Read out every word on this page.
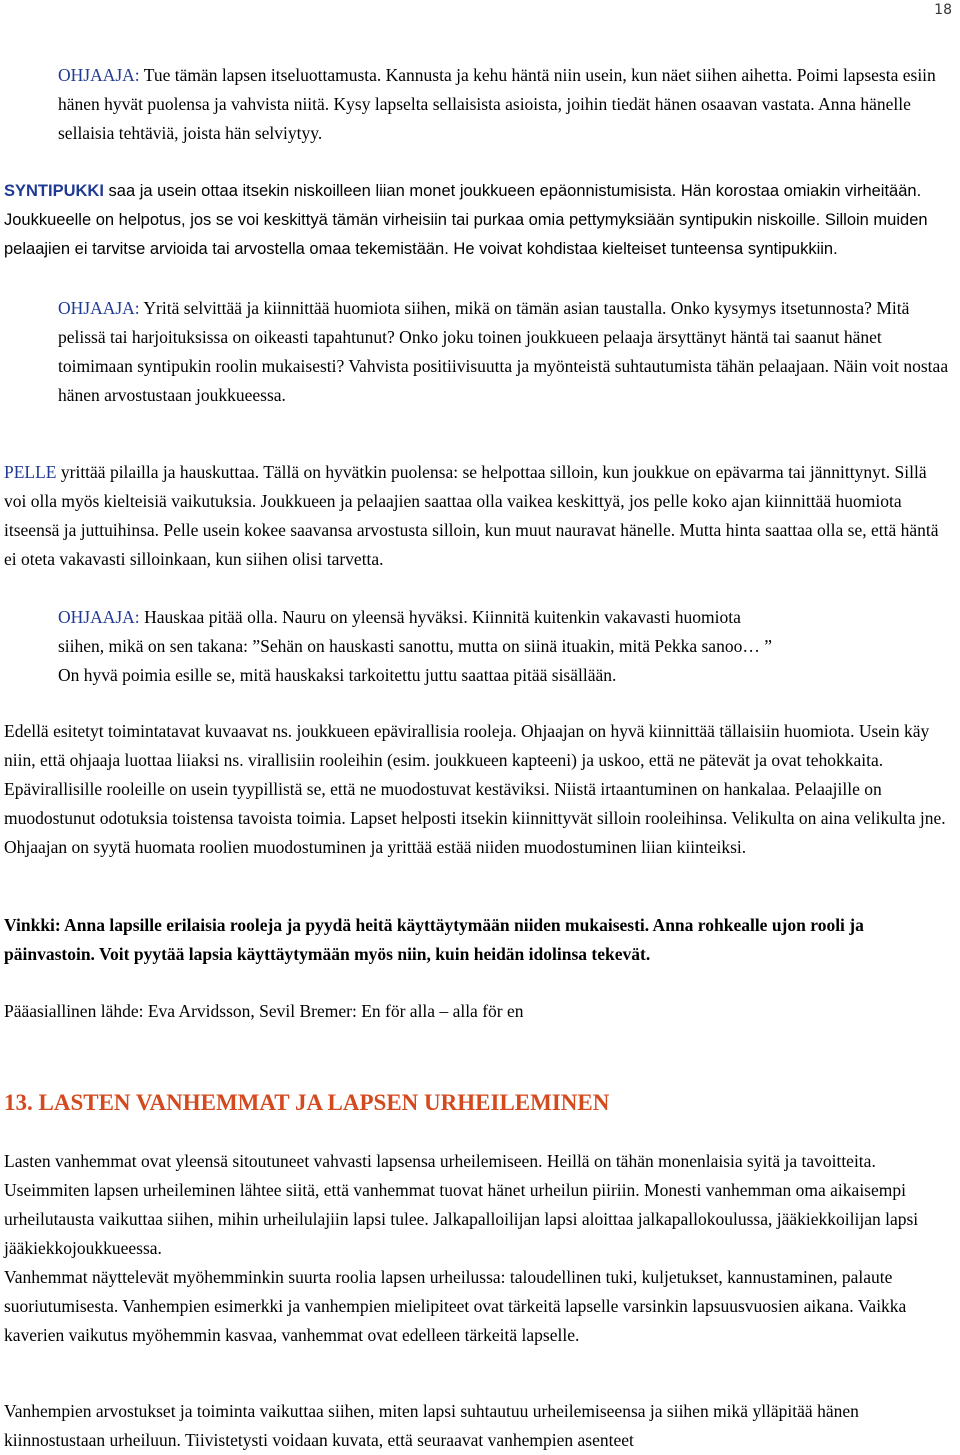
18

OHJAAJA: Tue tämän lapsen itseluottamusta. Kannusta ja kehu häntä niin usein, kun näet siihen aihetta. Poimi lapsesta esiin hänen hyvät puolensa ja vahvista niitä. Kysy lapselta sellaisista asioista, joihin tiedät hänen osaavan vastata. Anna hänelle sellaisia tehtäviä, joista hän selviytyy.

SYNTIPUKKI saa ja usein ottaa itsekin niskoilleen liian monet joukkueen epäonnistumisista. Hän korostaa omiakin virheitään. Joukkueelle on helpotus, jos se voi keskittyä tämän virheisiin tai purkaa omia pettymyksiään syntipukin niskoille. Silloin muiden pelaajien ei tarvitse arvioida tai arvostella omaa tekemistään. He voivat kohdistaa kielteiset tunteensa syntipukkiin.

OHJAAJA: Yritä selvittää ja kiinnittää huomiota siihen, mikä on tämän asian taustalla. Onko kysymys itsetunnosta? Mitä pelissä tai harjoituksissa on oikeasti tapahtunut? Onko joku toinen joukkueen pelaaja ärsyttänyt häntä tai saanut hänet toimimaan syntipukin roolin mukaisesti? Vahvista positiivisuutta ja myönteistä suhtautumista tähän pelaajaan. Näin voit nostaa hänen arvostustaan joukkueessa.

PELLE yrittää pilailla ja hauskuttaa. Tällä on hyvätkin puolensa: se helpottaa silloin, kun joukkue on epävarma tai jännittynyt. Sillä voi olla myös kielteisiä vaikutuksia. Joukkueen ja pelaajien saattaa olla vaikea keskittyä, jos pelle koko ajan kiinnittää huomiota itseensä ja juttuihinsa. Pelle usein kokee saavansa arvostusta silloin, kun muut nauravat hänelle. Mutta hinta saattaa olla se, että häntä ei oteta vakavasti silloinkaan, kun siihen olisi tarvetta.

OHJAAJA: Hauskaa pitää olla. Nauru on yleensä hyväksi. Kiinnitä kuitenkin vakavasti huomiota

siihen, mikä on sen takana: ”Sehän on hauskasti sanottu, mutta on siinä ituakin, mitä Pekka sanoo… ”

On hyvä poimia esille se, mitä hauskaksi tarkoitettu juttu saattaa pitää sisällään.

Edellä esitetyt toimintatavat kuvaavat ns. joukkueen epävirallisia rooleja. Ohjaajan on hyvä kiinnittää tällaisiin huomiota. Usein käy niin, että ohjaaja luottaa liiaksi ns. virallisiin rooleihin (esim. joukkueen kapteeni) ja uskoo, että ne pätevät ja ovat tehokkaita. Epävirallisille rooleille on usein tyypillistä se, että ne muodostuvat kestäviksi. Niistä irtaantuminen on hankalaa. Pelaajille on muodostunut odotuksia toistensa tavoista toimia. Lapset helposti itsekin kiinnittyvät silloin rooleihinsa. Velikulta on aina velikulta jne. Ohjaajan on syytä huomata roolien muodostuminen ja yrittää estää niiden muodostuminen liian kiinteiksi.

Vinkki: Anna lapsille erilaisia rooleja ja pyydä heitä käyttäytymään niiden mukaisesti. Anna rohkealle ujon rooli ja päinvastoin. Voit pyytää lapsia käyttäytymään myös niin, kuin heidän idolinsa tekevät.

Pääasiallinen lähde: Eva Arvidsson, Sevil Bremer: En för alla – alla för en

13. LASTEN VANHEMMAT JA LAPSEN URHEILEMINEN

Lasten vanhemmat ovat yleensä sitoutuneet vahvasti lapsensa urheilemiseen. Heillä on tähän monenlaisia syitä ja tavoitteita. Useimmiten lapsen urheileminen lähtee siitä, että vanhemmat tuovat hänet urheilun piiriin. Monesti vanhemman oma aikaisempi urheilutausta vaikuttaa siihen, mihin urheilulajiin lapsi tulee. Jalkapalloilijan lapsi aloittaa jalkapallokoulussa, jääkiekkoilijan lapsi jääkiekkojoukkueessa.

Vanhemmat näyttelevät myöhemminkin suurta roolia lapsen urheilussa: taloudellinen tuki, kuljetukset, kannustaminen, palaute suoriutumisesta. Vanhempien esimerkki ja vanhempien mielipiteet ovat tärkeitä lapselle varsinkin lapsuusvuosien aikana. Vaikka kaverien vaikutus myöhemmin kasvaa, vanhemmat ovat edelleen tärkeitä lapselle.

Vanhempien arvostukset ja toiminta vaikuttaa siihen, miten lapsi suhtautuu urheilemiseensa ja siihen mikä ylläpitää hänen kiinnostustaan urheiluun. Tiivistetysti voidaan kuvata, että seuraavat vanhempien asenteet
